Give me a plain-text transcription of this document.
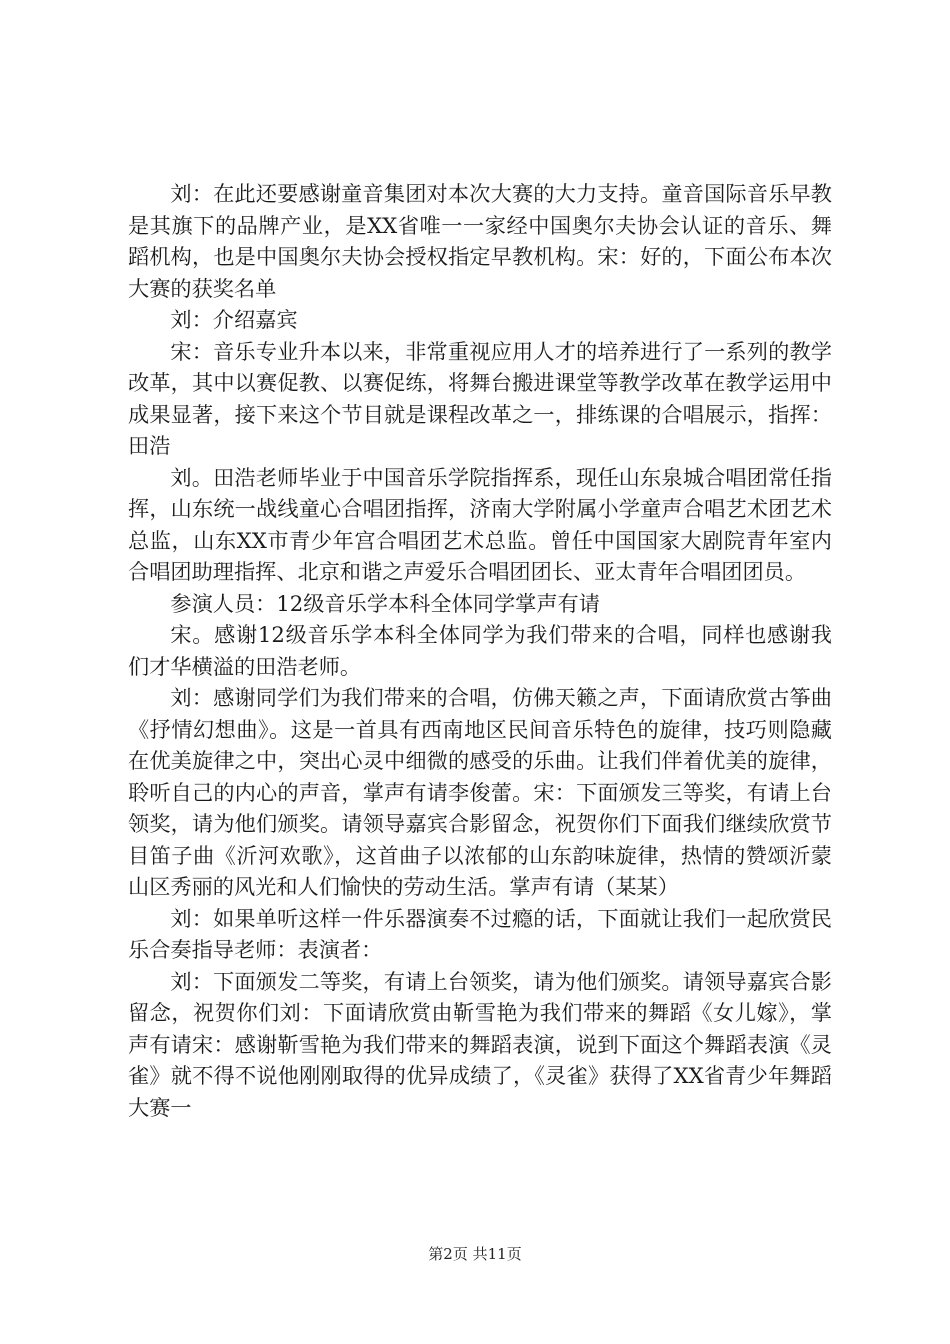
刘：在此还要感谢童音集团对本次大赛的大力支持。童音国际音乐早教是其旗下的品牌产业，是XX省唯一一家经中国奥尔夫协会认证的音乐、舞蹈机构，也是中国奥尔夫协会授权指定早教机构。宋：好的，下面公布本次大赛的获奖名单

刘：介绍嘉宾

宋：音乐专业升本以来，非常重视应用人才的培养进行了一系列的教学改革，其中以赛促教、以赛促练，将舞台搬进课堂等教学改革在教学运用中成果显著，接下来这个节目就是课程改革之一，排练课的合唱展示，指挥：田浩

刘。田浩老师毕业于中国音乐学院指挥系，现任山东泉城合唱团常任指挥，山东统一战线童心合唱团指挥，济南大学附属小学童声合唱艺术团艺术总监，山东XX市青少年宫合唱团艺术总监。曾任中国国家大剧院青年室内合唱团助理指挥、北京和谐之声爱乐合唱团团长、亚太青年合唱团团员。

参演人员：12级音乐学本科全体同学掌声有请

宋。感谢12级音乐学本科全体同学为我们带来的合唱，同样也感谢我们才华横溢的田浩老师。

刘：感谢同学们为我们带来的合唱，仿佛天籁之声，下面请欣赏古筝曲《抒情幻想曲》。这是一首具有西南地区民间音乐特色的旋律，技巧则隐藏在优美旋律之中，突出心灵中细微的感受的乐曲。让我们伴着优美的旋律，聆听自己的内心的声音，掌声有请李俊蕾。宋：下面颁发三等奖，有请上台领奖，请为他们颁奖。请领导嘉宾合影留念，祝贺你们下面我们继续欣赏节目笛子曲《沂河欢歌》，这首曲子以浓郁的山东韵味旋律，热情的赞颂沂蒙山区秀丽的风光和人们愉快的劳动生活。掌声有请（某某）

刘：如果单听这样一件乐器演奏不过瘾的话，下面就让我们一起欣赏民乐合奏指导老师：表演者：

刘：下面颁发二等奖，有请上台领奖，请为他们颁奖。请领导嘉宾合影留念，祝贺你们刘：下面请欣赏由靳雪艳为我们带来的舞蹈《女儿嫁》，掌声有请宋：感谢靳雪艳为我们带来的舞蹈表演，说到下面这个舞蹈表演《灵雀》就不得不说他刚刚取得的优异成绩了，《灵雀》获得了XX省青少年舞蹈大赛一

第2页 共11页
